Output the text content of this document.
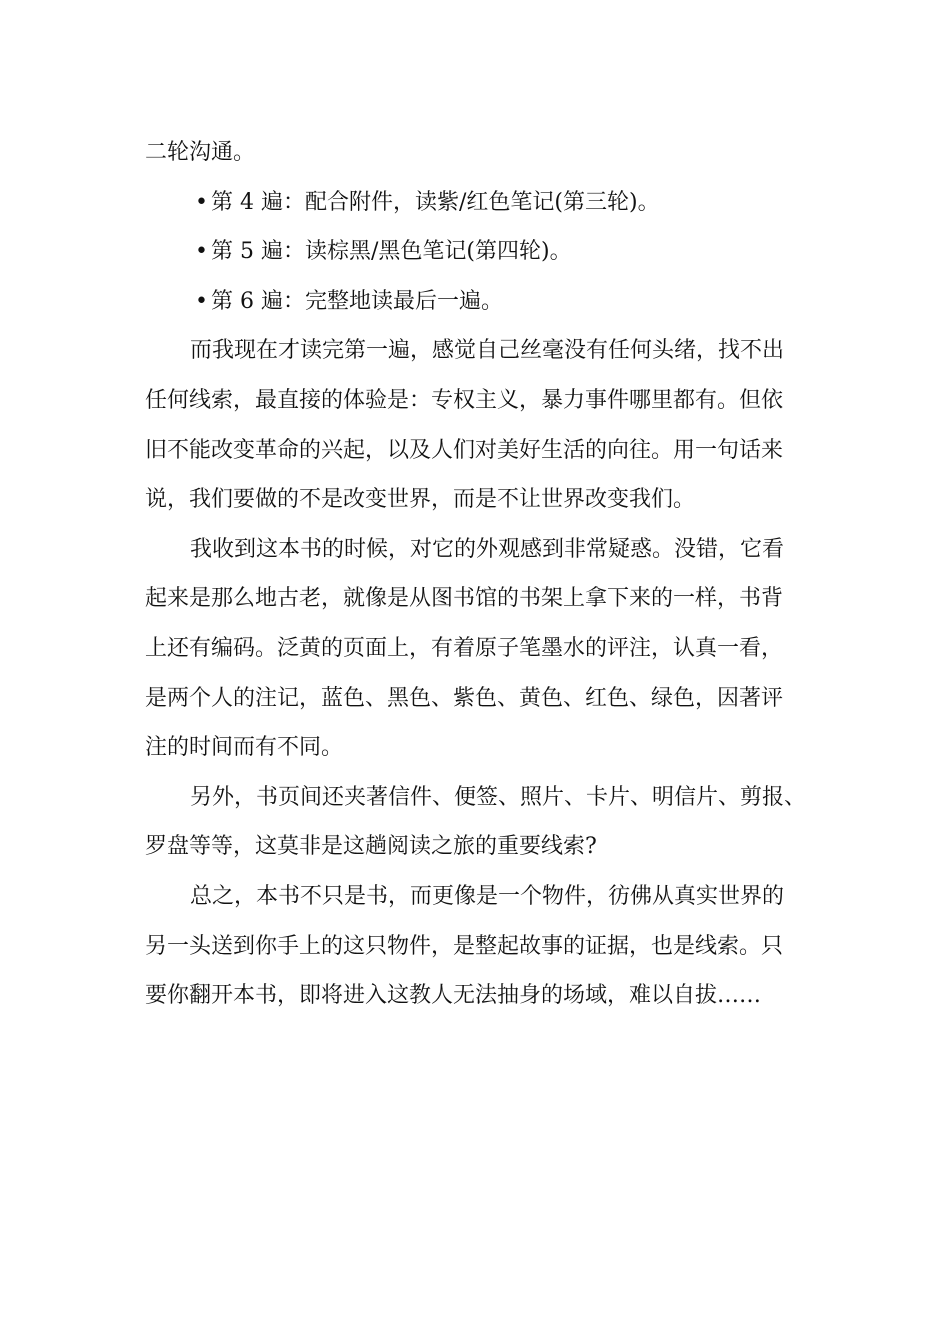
二轮沟通。
• 第 4 遍：配合附件，读紫/红色笔记(第三轮)。
• 第 5 遍：读棕黑/黑色笔记(第四轮)。
• 第 6 遍：完整地读最后一遍。
而我现在才读完第一遍，感觉自己丝毫没有任何头绪，找不出
任何线索，最直接的体验是：专权主义，暴力事件哪里都有。但依
旧不能改变革命的兴起，以及人们对美好生活的向往。用一句话来
说，我们要做的不是改变世界，而是不让世界改变我们。
我收到这本书的时候，对它的外观感到非常疑惑。没错，它看
起来是那么地古老，就像是从图书馆的书架上拿下来的一样，书背
上还有编码。泛黄的页面上，有着原子笔墨水的评注，认真一看，
是两个人的注记，蓝色、黑色、紫色、黄色、红色、绿色，因著评
注的时间而有不同。
另外，书页间还夹著信件、便签、照片、卡片、明信片、剪报、
罗盘等等，这莫非是这趟阅读之旅的重要线索?
总之，本书不只是书，而更像是一个物件，彷佛从真实世界的
另一头送到你手上的这只物件，是整起故事的证据，也是线索。只
要你翻开本书，即将进入这教人无法抽身的场域，难以自拔……
